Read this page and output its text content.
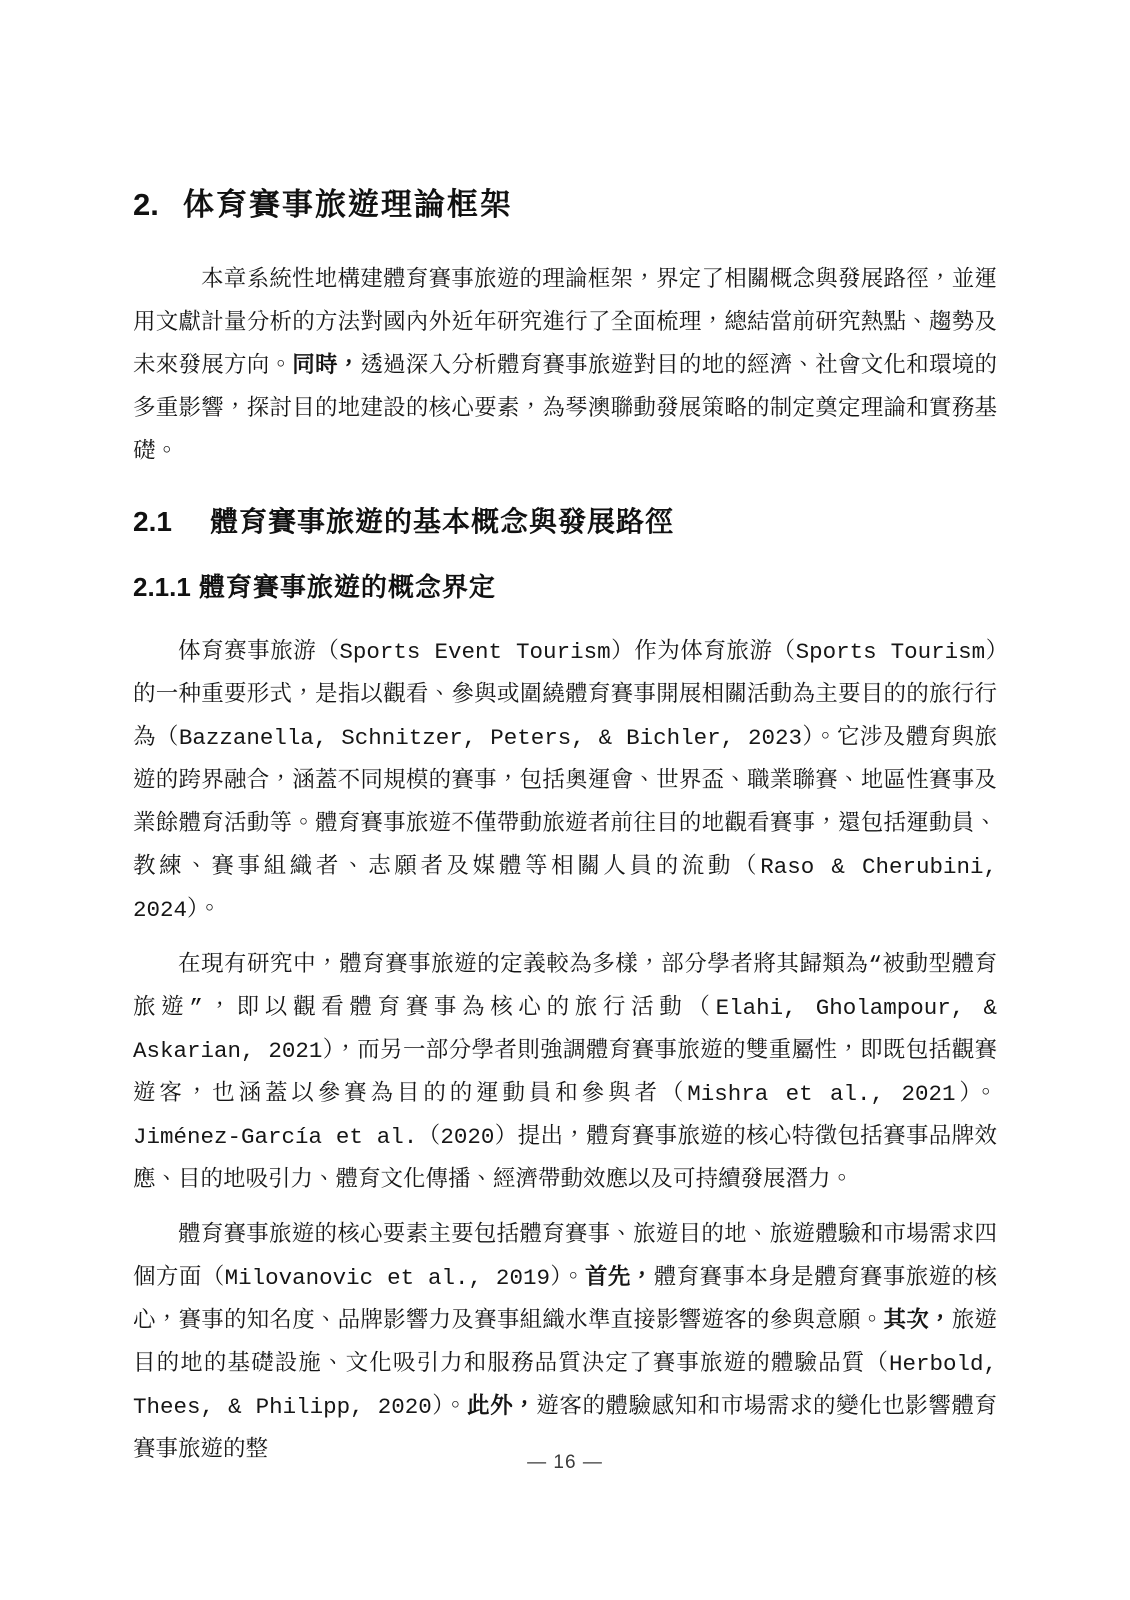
2. 体育賽事旅遊理論框架

本章系統性地構建體育賽事旅遊的理論框架，界定了相關概念與發展路徑，並運用文獻計量分析的方法對國內外近年研究進行了全面梳理，總結當前研究熱點、趨勢及未來發展方向。同時，透過深入分析體育賽事旅遊對目的地的經濟、社會文化和環境的多重影響，探討目的地建設的核心要素，為琴澳聯動發展策略的制定奠定理論和實務基礎。

2.1 體育賽事旅遊的基本概念與發展路徑
2.1.1 體育賽事旅遊的概念界定

体育赛事旅游（Sports Event Tourism）作为体育旅游（Sports Tourism）的一种重要形式，是指以觀看、參與或圍繞體育賽事開展相關活動為主要目的的旅行行為（Bazzanella, Schnitzer, Peters, & Bichler, 2023）。它涉及體育與旅遊的跨界融合，涵蓋不同規模的賽事，包括奧運會、世界盃、職業聯賽、地區性賽事及業餘體育活動等。體育賽事旅遊不僅帶動旅遊者前往目的地觀看賽事，還包括運動員、教練、賽事組織者、志願者及媒體等相關人員的流動（Raso & Cherubini, 2024）。

在現有研究中，體育賽事旅遊的定義較為多樣，部分學者將其歸類為“被動型體育旅遊”，即以觀看體育賽事為核心的旅行活動（Elahi, Gholampour, & Askarian, 2021），而另一部分學者則強調體育賽事旅遊的雙重屬性，即既包括觀賽遊客，也涵蓋以參賽為目的的運動員和參與者（Mishra et al., 2021）。Jiménez-García et al.（2020）提出，體育賽事旅遊的核心特徵包括賽事品牌效應、目的地吸引力、體育文化傳播、經濟帶動效應以及可持續發展潛力。

體育賽事旅遊的核心要素主要包括體育賽事、旅遊目的地、旅遊體驗和市場需求四個方面（Milovanovic et al., 2019）。首先，體育賽事本身是體育賽事旅遊的核心，賽事的知名度、品牌影響力及賽事組織水準直接影響遊客的參與意願。其次，旅遊目的地的基礎設施、文化吸引力和服務品質決定了賽事旅遊的體驗品質（Herbold, Thees, & Philipp, 2020）。此外，遊客的體驗感知和市場需求的變化也影響體育賽事旅遊的整	— 16 —
